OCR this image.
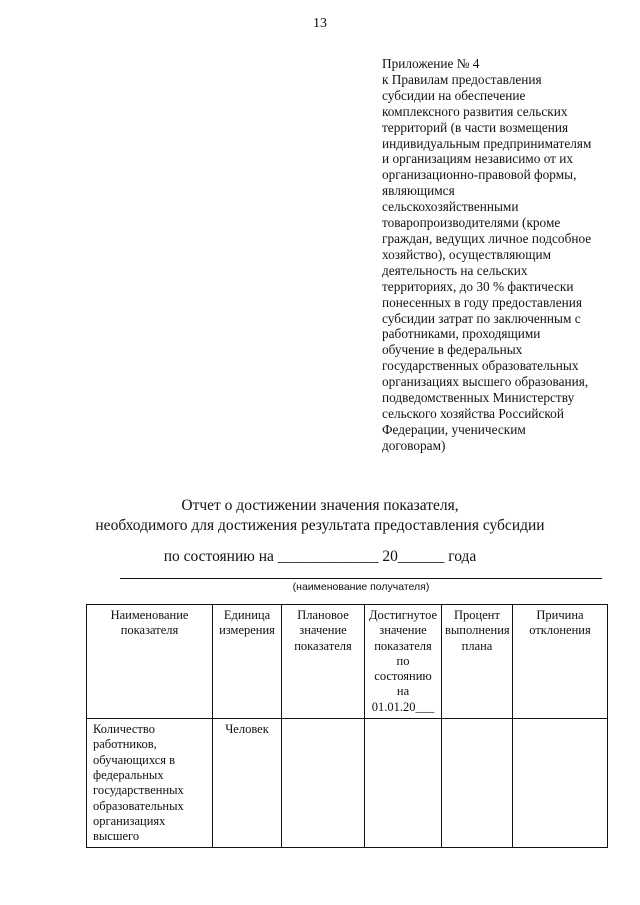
13
Приложение № 4
к Правилам предоставления
субсидии на обеспечение
комплексного развития сельских
территорий (в части возмещения
индивидуальным предпринимателям
и организациям независимо от их
организационно-правовой формы,
являющимся
сельскохозяйственными
товаропроизводителями (кроме
граждан, ведущих личное подсобное
хозяйство), осуществляющим
деятельность на сельских
территориях, до 30 % фактически
понесенных в году предоставления
субсидии затрат по заключенным с
работниками, проходящими
обучение в федеральных
государственных образовательных
организациях высшего образования,
подведомственных Министерству
сельского хозяйства Российской
Федерации, ученическим
договорам)
Отчет о достижении значения показателя,
необходимого для достижения результата предоставления субсидии
по состоянию на _____________ 20______ года
(наименование получателя)
Наименование показателя	Единица измерения	Плановое значение показателя	Достигнутое значение показателя по состоянию на 01.01.20___	Процент выполнения плана	Причина отклонения
Количество работников, обучающихся в федеральных государственных образовательных организациях высшего	Человек				
